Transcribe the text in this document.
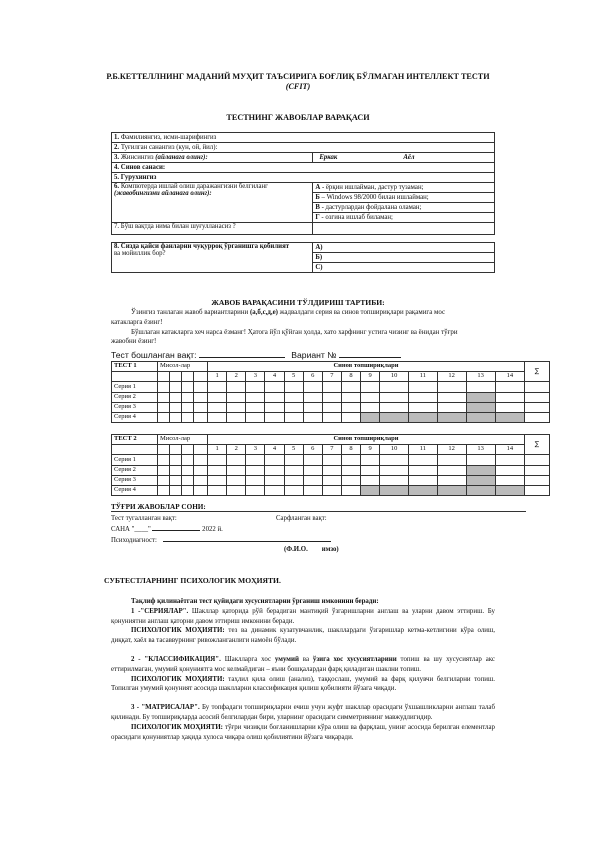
Р.Б.КЕТТЕЛЛНИНГ МАДАНИЙ МУҲИТ ТАЪСИРИГА БОҒЛИҚ БЎЛМАГАН ИНТЕЛЛЕКТ ТЕСТИ
(CFIT)
ТЕСТНИНГ ЖАВОБЛАР ВАРАҚАСИ
1. Фамилиянгиз, исми-шарифингиз	
2. Туғилган санангиз (кун, ой, йил):	
3. Жинсингиз (айланага олинг):	Еркак Аёл
4. Синов санаси:	
5. Гурухингиз	
6. Компютерда ишлай олиш даражангизни белгиланг
(жавобингизни айланага олинг):	А - ёрқин ишлайман, дастур тузаман;
	Б – Windows 98/2000 билан ишлайман;
	В - дастурлардан фойдалана оламан;
	Г - озгина ишлаб биламан;
7. Бўш вақтда нима билан шуғулланасиз ?	

8. Сизда қайси фанларни чуқурроқ ўрганишга қобилият
ва мойиллик бор?	А)
	Б)
	С)
ЖАВОБ ВАРАҚАСИНИ ТЎЛДИРИШ ТАРТИБИ:
Ўзингиз танлаган жавоб вариантларини (а,б,с,д,е) жадвалдаги серия ва синов топшириқлари рақамига мос
катакларга ёзинг!
Бўшлаган катакларга хеч нарса ёзманг! Ҳатога йўл қўйган ҳолда, хато харфнинг устига чизинг ва ёнидан тўғри
жавобни ёзинг!
Тест бошланган вақт:	Вариант №
ТЕСТ 1	Мисол-лар				Синов топшириқлари														∑
					1	2	3	4	5	6	7	8	9	10	11	12	13	14	
Серия 1																			
Серия 2																			
Серия 3																			
Серия 4																			
ТЕСТ 2	Мисол-лар				Синов топшириқлари														∑
					1	2	3	4	5	6	7	8	9	10	11	12	13	14	
Серия 1																			
Серия 2																			
Серия 3																			
Серия 4																			
ТЎҒРИ ЖАВОБЛАР СОНИ:
Тест тугалланган вақт:	Сарфланган вақт:
САНА "____"	2022 й.
Психодиагност:
(Ф.И.О. имзо)
СУБТЕСТЛАРНИНГ ПСИХОЛОГИК МОҲИЯТИ.
Тақлиф қилинаётган тест қуйидаги хусусиятларни ўрганиш имконини беради:
1 -"СЕРИЯЛАР". Шакллар қаторида рўй берадиган мантиқий ўзгаришларни англаш ва уларни давом эттириш. Бу қонуниятни англаш қаторни давом эттириш имконини беради.
ПСИХОЛОГИК МОҲИЯТИ: тез ва динамик кузатувчанлик, шакллардаги ўзгаришлар кетма-кетлигини кўра олиш, диққат, хаёл ва тасаввурнинг ривожланганлиги намоён бўлади.
2 - "КЛАССИФИКАЦИЯ". Шаклларга хос умумий ва ўзига хос хусусиятларини топиш ва шу хусусиятлар акс еттирилмаган, умумий қонуниятга мос келмайдиган – яъни бошқалардан фарқ қиладиган шаклни топиш.
ПСИХОЛОГИК МОҲИЯТИ: таҳлил қила олиш (анализ), таққослаш, умумий ва фарқ қилувчи белгиларни топиш. Топилган умумий қонуният асосида шаклларни классификация қилиш қобилияти йўзага чиқади.
3 - "МАТРИСАЛАР". Бу топфадаги топшириқларни ечиш учун жуфт шакллар орасидаги ўхшашликларни англаш талаб қилинади. Бу топшириқларда асосий белгилардан бири, уларнинг орасидаги симметриянинг мавжудлигидир.
ПСИХОЛОГИК МОҲИЯТИ: тўғри чизиқли боғланишларни кўра олиш ва фарқлаш, унинг асосида берилган елементлар орасидаги қонуниятлар ҳақида хулоса чиқара олиш қобилиятини йўзага чиқаради.
